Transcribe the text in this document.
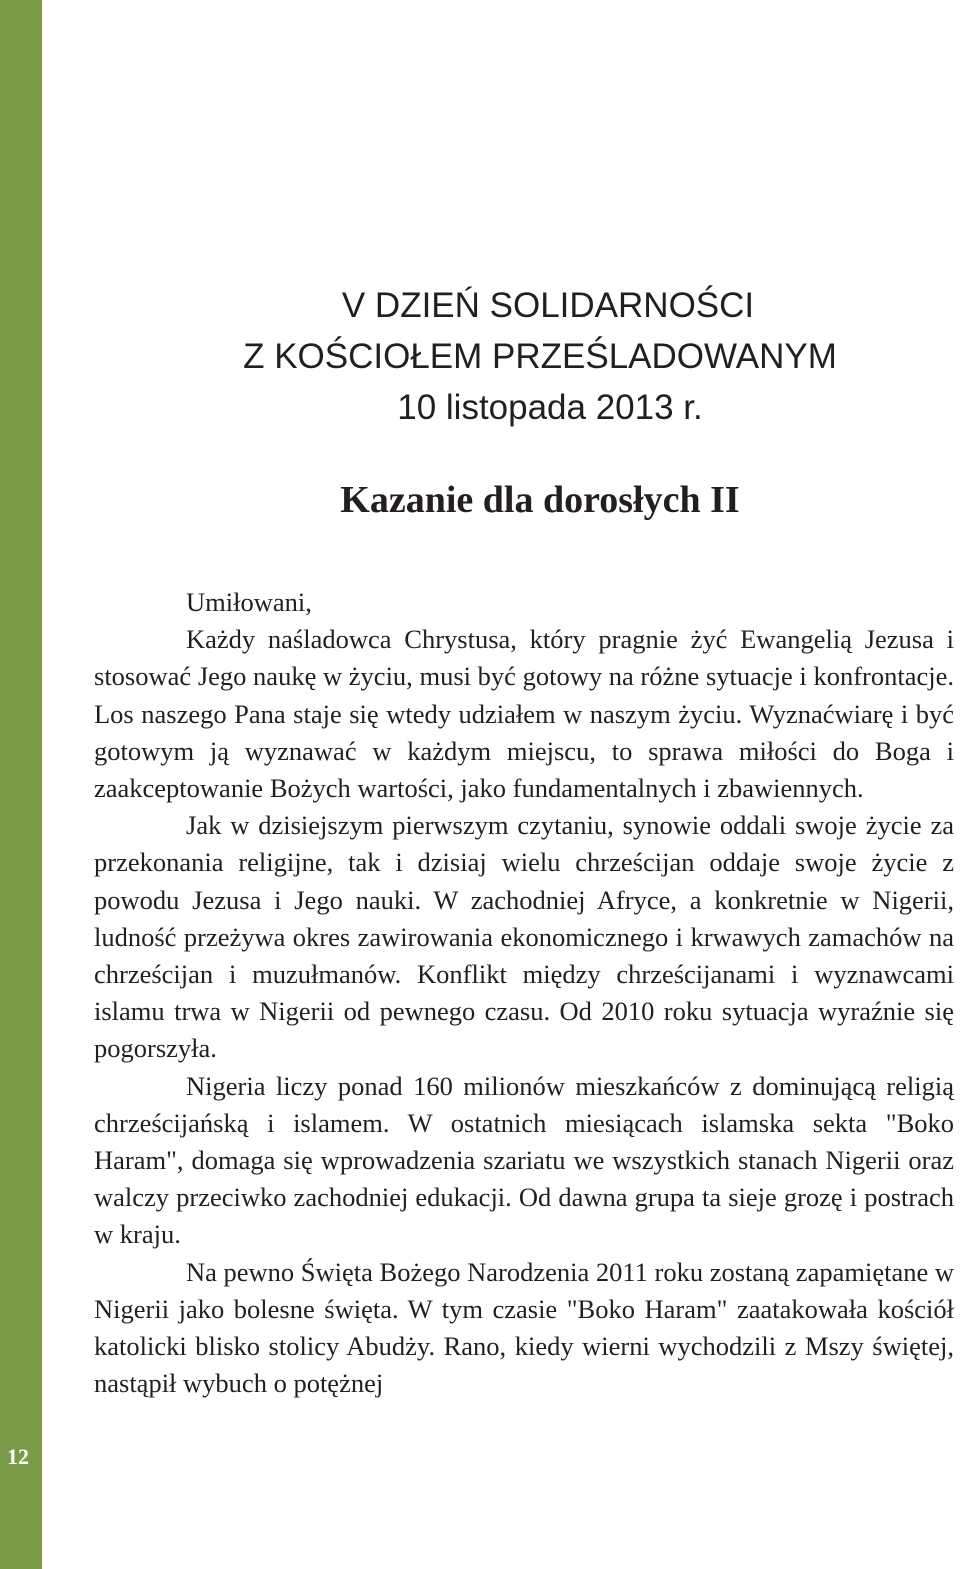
12
V DZIEŃ SOLIDARNOŚCI
Z KOŚCIOŁEM PRZEŚLADOWANYM
10 listopada 2013 r.
Kazanie dla dorosłych II

Umiłowani,

Każdy naśladowca Chrystusa, który pragnie żyć Ewangelią Jezusa i stosować Jego naukę w życiu, musi być gotowy na różne sytuacje i konfrontacje. Los naszego Pana staje się wtedy udziałem w naszym życiu. Wyznaćwiarę i być gotowym ją wyznawać w każdym miejscu, to sprawa miłości do Boga i zaakceptowanie Bożych wartości, jako fundamentalnych i zbawiennych.

Jak w dzisiejszym pierwszym czytaniu, synowie oddali swoje życie za przekonania religijne, tak i dzisiaj wielu chrześcijan oddaje swoje życie z powodu Jezusa i Jego nauki. W zachodniej Afryce, a konkretnie w Nigerii, ludność przeżywa okres zawirowania ekonomicznego i krwawych zamachów na chrześcijan i muzułmanów. Konflikt między chrześcijanami i wyznawcami islamu trwa w Nigerii od pewnego czasu. Od 2010 roku sytuacja wyraźnie się pogorszyła.

Nigeria liczy ponad 160 milionów mieszkańców z dominującą religią chrześcijańską i islamem. W ostatnich miesiącach islamska sekta "Boko Haram", domaga się wprowadzenia szariatu we wszystkich stanach Nigerii oraz walczy przeciwko zachodniej edukacji. Od dawna grupa ta sieje grozę i postrach w kraju.

Na pewno Święta Bożego Narodzenia 2011 roku zostaną zapamiętane w Nigerii jako bolesne święta. W tym czasie "Boko Haram" zaatakowała kościół katolicki blisko stolicy Abudży. Rano, kiedy wierni wychodzili z Mszy świętej, nastąpił wybuch o potężnej
